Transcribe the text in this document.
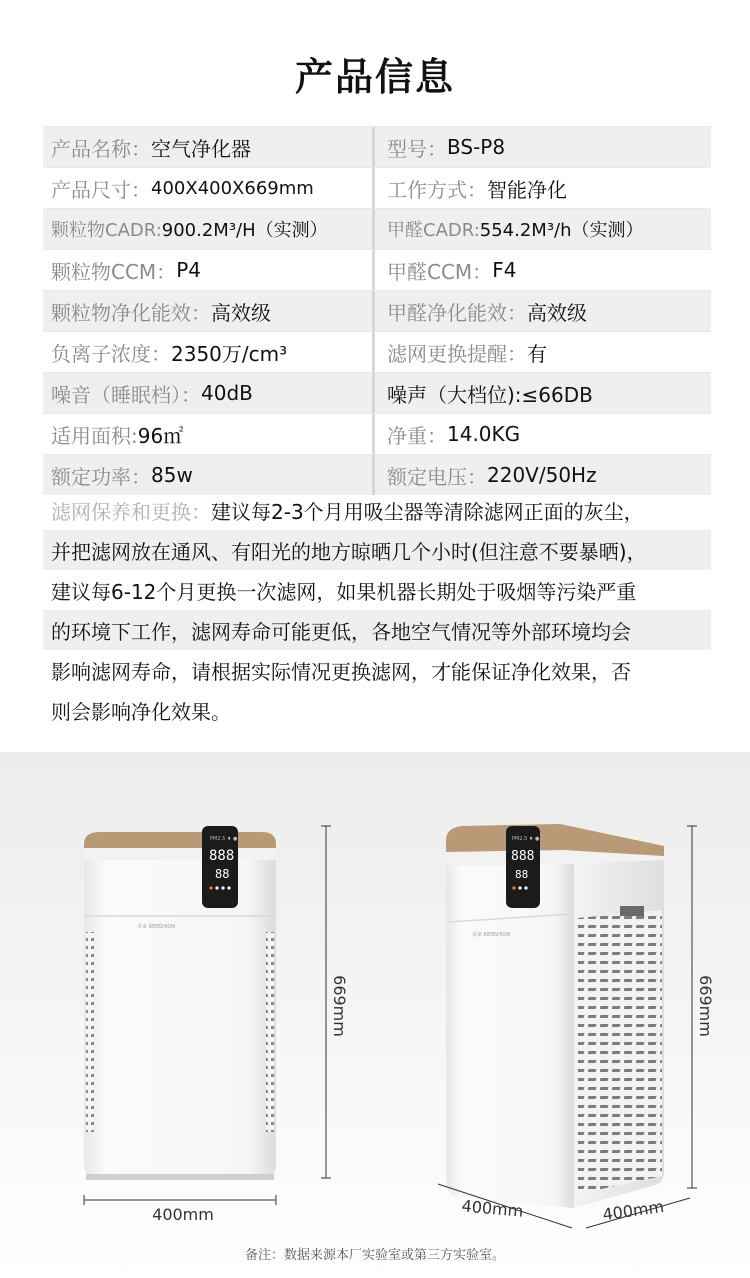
产品信息
产品名称： 空气净化器	型号： BS-P8
产品尺寸： 400X400X669mm	工作方式： 智能净化
颗粒物CADR: 900.2M³/H（实测）	甲醛CADR: 554.2M³/h（实测）
颗粒物CCM： P4	甲醛CCM： F4
颗粒物净化能效： 高效级	甲醛净化能效： 高效级
负离子浓度： 2350万/cm³	滤网更换提醒： 有
噪音（睡眠档）： 40dB	噪声（大档位):≤66DB
适用面积: 96㎡	净重： 14.0KG
额定功率： 85w	额定电压： 220V/50Hz
滤网保养和更换： 建议每2-3个月用吸尘器等清除滤网正面的灰尘，
并把滤网放在通风、有阳光的地方晾晒几个小时(但注意不要暴晒)，
建议每6-12个月更换一次滤网，如果机器长期处于吸烟等污染严重
的环境下工作，滤网寿命可能更低，各地空气情况等外部环境均会
影响滤网寿命，请根据实际情况更换滤网，才能保证净化效果，否
则会影响净化效果。
PM2.5 ♦ ●
888
88
米家 RENSHION
400mm
669mm
PM2.5 ♦ ●
888
88
米家 RENSHION
400mm	400mm
669mm
备注：数据来源本厂实验室或第三方实验室。
